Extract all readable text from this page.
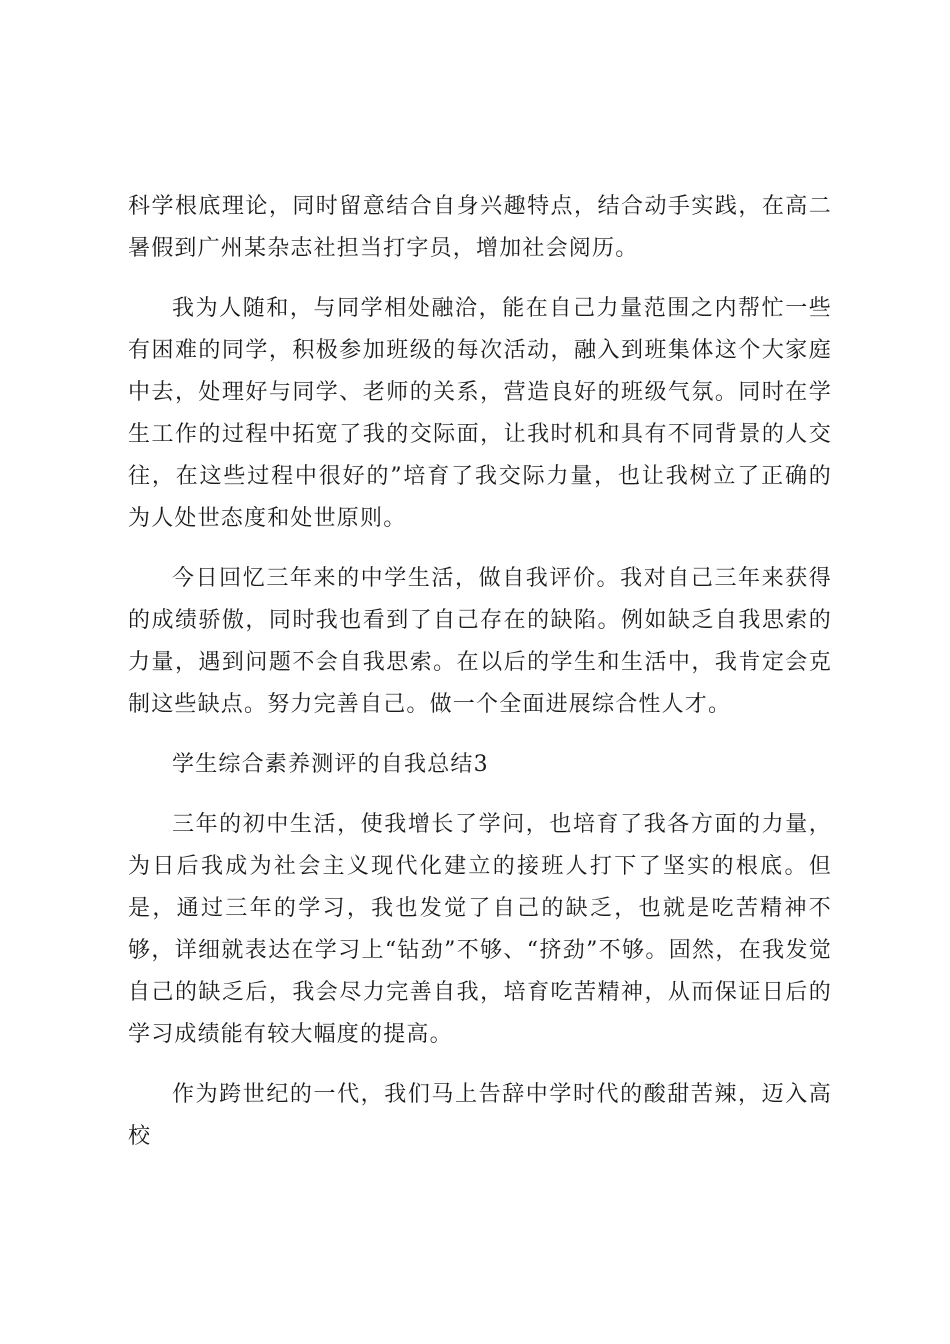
科学根底理论，同时留意结合自身兴趣特点，结合动手实践，在高二暑假到广州某杂志社担当打字员，增加社会阅历。

我为人随和，与同学相处融洽，能在自己力量范围之内帮忙一些有困难的同学，积极参加班级的每次活动，融入到班集体这个大家庭中去，处理好与同学、老师的关系，营造良好的班级气氛。同时在学生工作的过程中拓宽了我的交际面，让我时机和具有不同背景的人交往，在这些过程中很好的”培育了我交际力量，也让我树立了正确的为人处世态度和处世原则。

今日回忆三年来的中学生活，做自我评价。我对自己三年来获得的成绩骄傲，同时我也看到了自己存在的缺陷。例如缺乏自我思索的力量，遇到问题不会自我思索。在以后的学生和生活中，我肯定会克制这些缺点。努力完善自己。做一个全面进展综合性人才。

学生综合素养测评的自我总结3

三年的初中生活，使我增长了学问，也培育了我各方面的力量，为日后我成为社会主义现代化建立的接班人打下了坚实的根底。但是，通过三年的学习，我也发觉了自己的缺乏，也就是吃苦精神不够，详细就表达在学习上“钻劲”不够、“挤劲”不够。固然，在我发觉自己的缺乏后，我会尽力完善自我，培育吃苦精神，从而保证日后的学习成绩能有较大幅度的提高。

作为跨世纪的一代，我们马上告辞中学时代的酸甜苦辣，迈入高校
